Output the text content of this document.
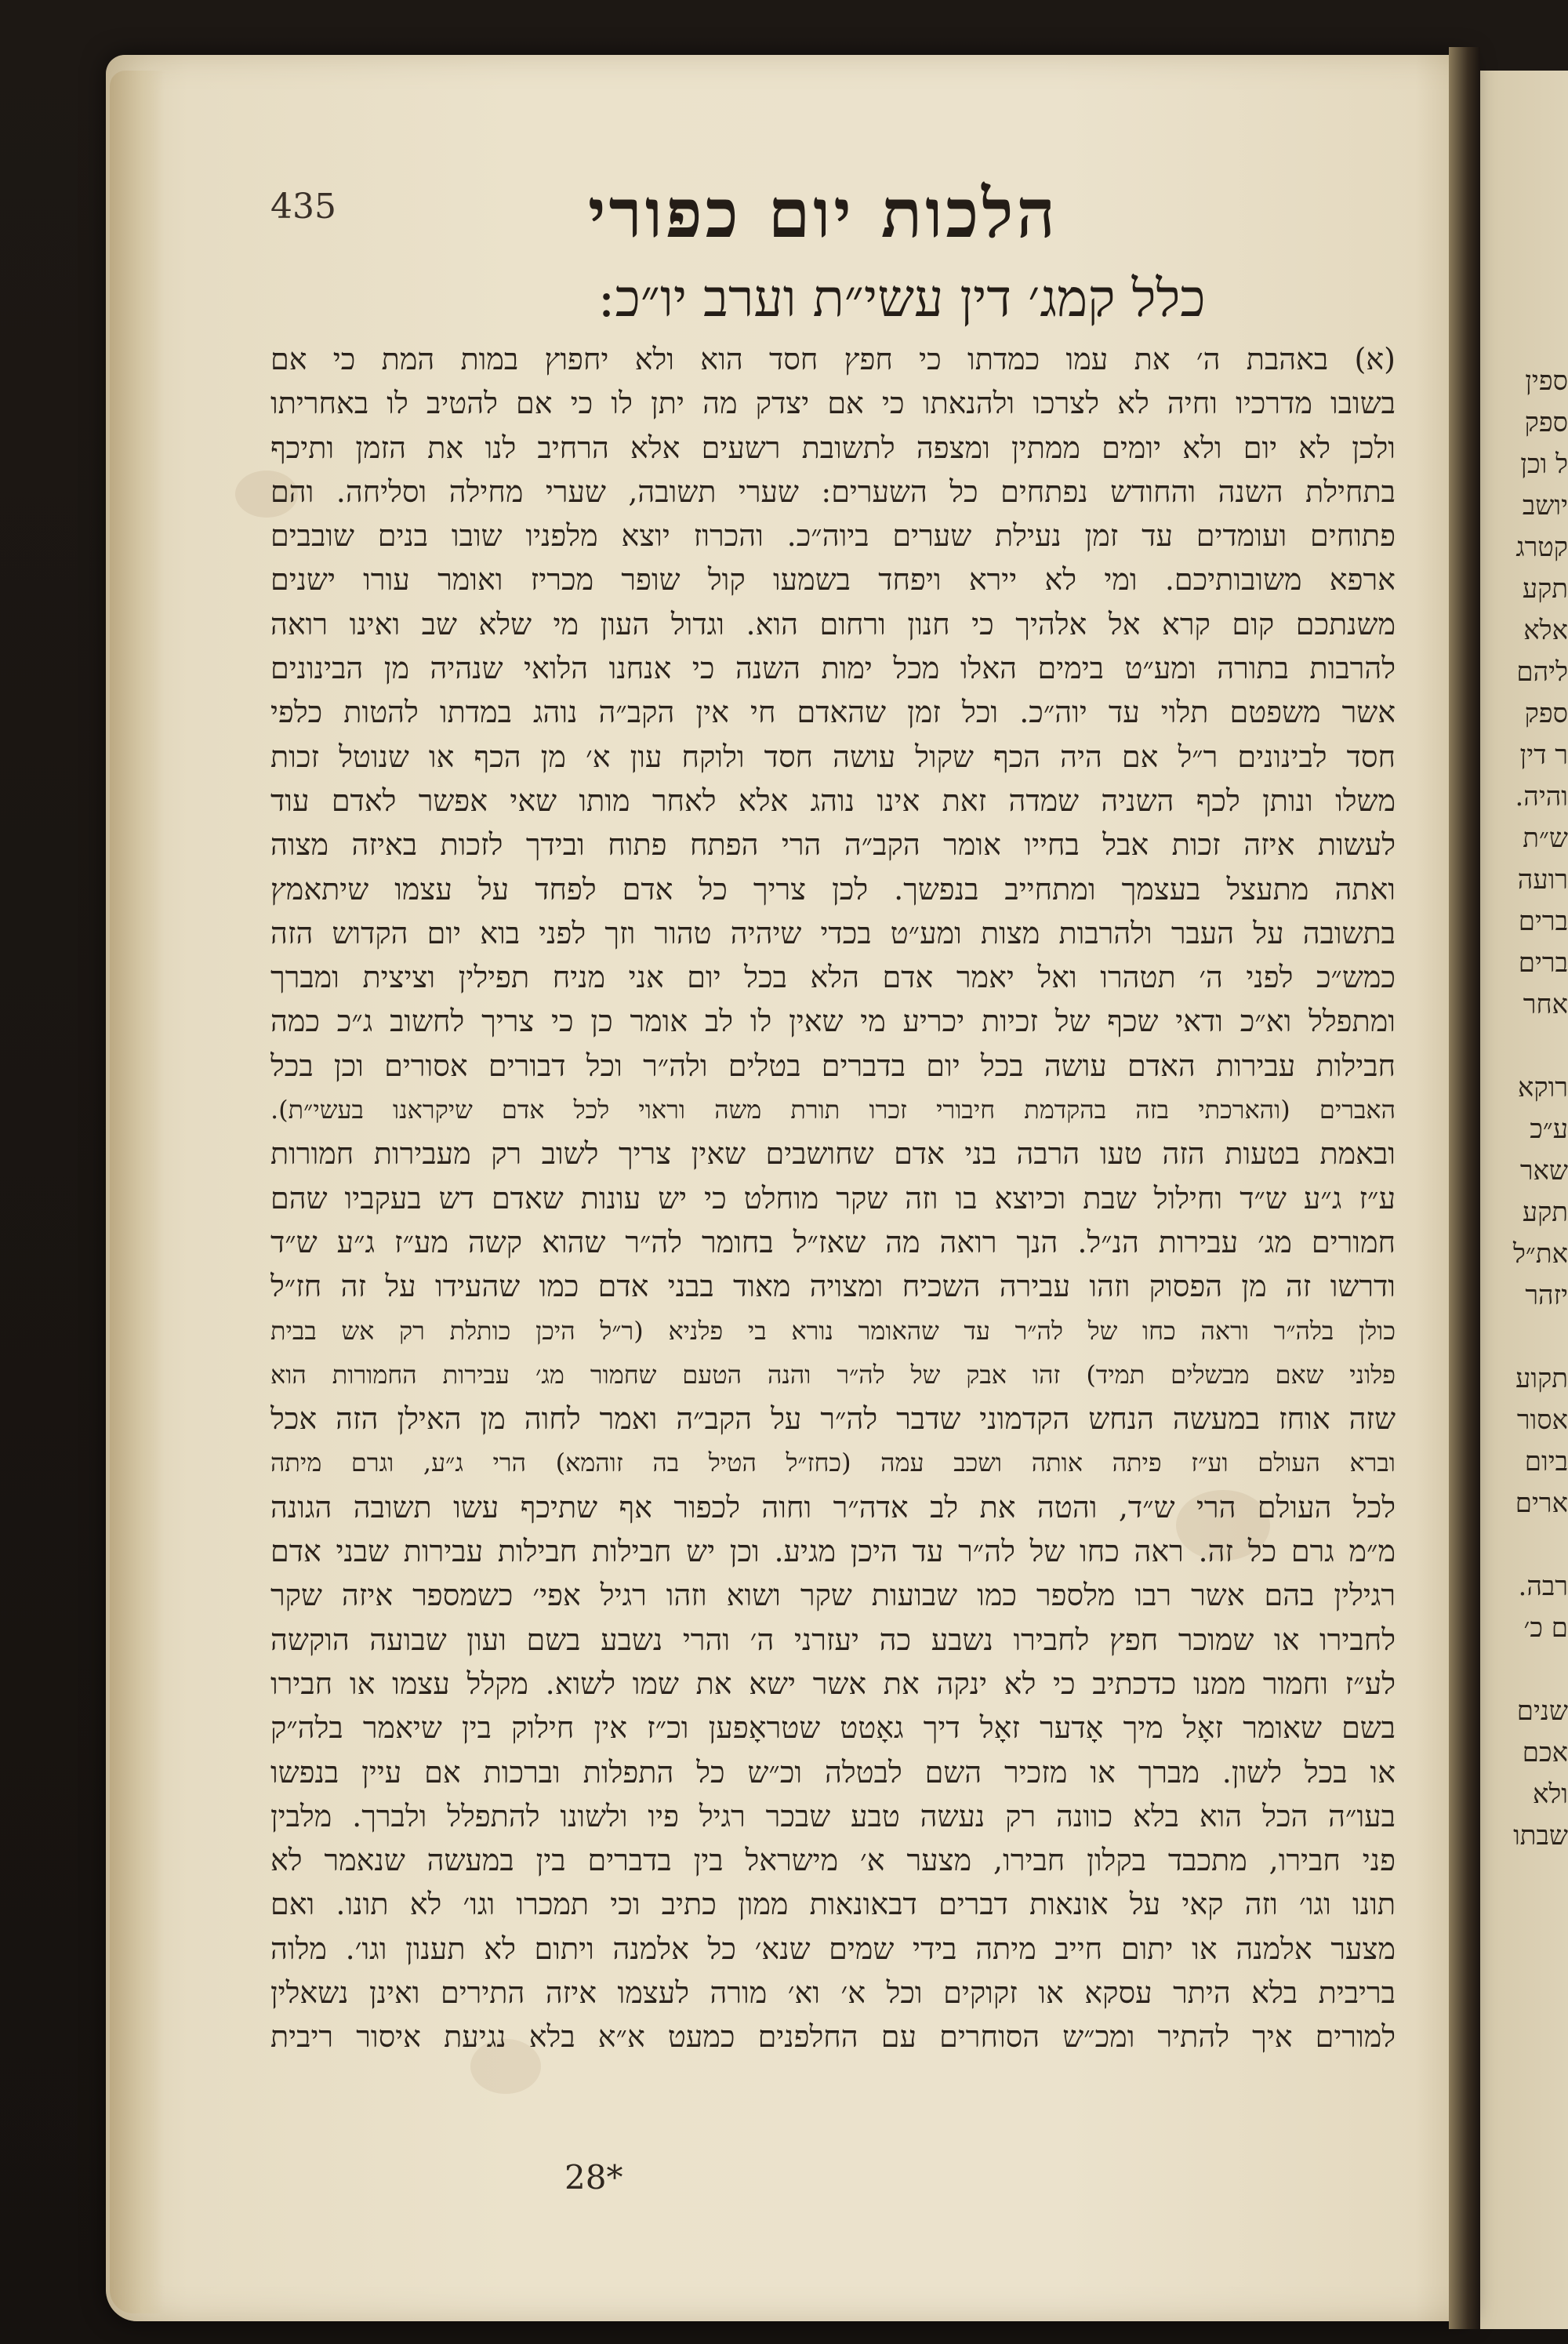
ספין
ספק
ל וכן
יושב
קטרג
תקע
אלא
ליהם
ספק
ר דין
והיה.
ש״ת
רועה
ברים
ברים
אחר
רוקא
ע״כ
שאר
תקע
את״ל
יזהר
תקוע
אסור
ביום
ארים
רבה.
ם כ׳
שנים
אכם
ולא
שבתו
435	הלכות יום כפורי
כלל קמג׳ דין עשי״ת וערב יו״כ:
(א) באהבת ה׳ את עמו כמדתו כי חפץ חסד הוא ולא יחפוץ במות המת כי אם
בשובו מדרכיו וחיה לא לצרכו ולהנאתו כי אם יצדק מה יתן לו כי אם להטיב לו באחריתו
ולכן לא יום ולא יומים ממתין ומצפה לתשובת רשעים אלא הרחיב לנו את הזמן ותיכף
בתחילת השנה והחודש נפתחים כל השערים: שערי תשובה, שערי מחילה וסליחה. והם
פתוחים ועומדים עד זמן נעילת שערים ביוה״כ. והכרוז יוצא מלפניו שובו בנים שובבים
ארפא משובותיכם. ומי לא יירא ויפחד בשמעו קול שופר מכריז ואומר עורו ישנים
משנתכם קום קרא אל אלהיך כי חנון ורחום הוא. וגדול העון מי שלא שב ואינו רואה
להרבות בתורה ומע״ט בימים האלו מכל ימות השנה כי אנחנו הלואי שנהיה מן הבינונים
אשר משפטם תלוי עד יוה״כ. וכל זמן שהאדם חי אין הקב״ה נוהג במדתו להטות כלפי
חסד לבינונים ר״ל אם היה הכף שקול עושה חסד ולוקח עון א׳ מן הכף או שנוטל זכות
משלו ונותן לכף השניה שמדה זאת אינו נוהג אלא לאחר מותו שאי אפשר לאדם עוד
לעשות איזה זכות אבל בחייו אומר הקב״ה הרי הפתח פתוח ובידך לזכות באיזה מצוה
ואתה מתעצל בעצמך ומתחייב בנפשך. לכן צריך כל אדם לפחד על עצמו שיתאמץ
בתשובה על העבר ולהרבות מצות ומע״ט בכדי שיהיה טהור וזך לפני בוא יום הקדוש הזה
כמש״כ לפני ה׳ תטהרו ואל יאמר אדם הלא בכל יום אני מניח תפילין וציצית ומברך
ומתפלל וא״כ ודאי שכף של זכיות יכריע מי שאין לו לב אומר כן כי צריך לחשוב ג״כ כמה
חבילות עבירות האדם עושה בכל יום בדברים בטלים ולה״ר וכל דבורים אסורים וכן בכל
האברים (והארכתי בזה בהקדמת חיבורי זכרו תורת משה וראוי לכל אדם שיקראנו בעשי״ת).
ובאמת בטעות הזה טעו הרבה בני אדם שחושבים שאין צריך לשוב רק מעבירות חמורות
ע״ז ג״ע ש״ד וחילול שבת וכיוצא בו וזה שקר מוחלט כי יש עונות שאדם דש בעקביו שהם
חמורים מג׳ עבירות הנ״ל. הנך רואה מה שאז״ל בחומר לה״ר שהוא קשה מע״ז ג״ע ש״ד
ודרשו זה מן הפסוק וזהו עבירה השכיח ומצויה מאוד בבני אדם כמו שהעידו על זה חז״ל
כולן בלה״ר וראה כחו של לה״ר עד שהאומר נורא בי פלניא (ר״ל היכן כותלת רק אש בבית
פלוני שאם מבשלים תמיד) זהו אבק של לה״ר והנה הטעם שחמור מג׳ עבירות החמורות הוא
שזה אוחז במעשה הנחש הקדמוני שדבר לה״ר על הקב״ה ואמר לחוה מן האילן הזה אכל
וברא העולם וע״ז פיתה אותה ושכב עמה (כחז״ל הטיל בה זוהמא) הרי ג״ע, וגרם מיתה
לכל העולם הרי ש״ד, והטה את לב אדה״ר וחוה לכפור אף שתיכף עשו תשובה הגונה
מ״מ גרם כל זה. ראה כחו של לה״ר עד היכן מגיע. וכן יש חבילות חבילות עבירות שבני אדם
רגילין בהם אשר רבו מלספר כמו שבועות שקר ושוא וזהו רגיל אפי׳ כשמספר איזה שקר
לחבירו או שמוכר חפץ לחבירו נשבע כה יעזרני ה׳ והרי נשבע בשם ועון שבועה הוקשה
לע״ז וחמור ממנו כדכתיב כי לא ינקה את אשר ישא את שמו לשוא. מקלל עצמו או חבירו
בשם שאומר זאָל מיך אָדער זאָל דיך גאָטט שטראָפען וכ״ז אין חילוק בין שיאמר בלה״ק
או בכל לשון. מברך או מזכיר השם לבטלה וכ״ש כל התפלות וברכות אם עיין בנפשו
בעו״ה הכל הוא בלא כוונה רק נעשה טבע שבכר רגיל פיו ולשונו להתפלל ולברך. מלבין
פני חבירו, מתכבד בקלון חבירו, מצער א׳ מישראל בין בדברים בין במעשה שנאמר לא
תונו וגו׳ וזה קאי על אונאות דברים דבאונאות ממון כתיב וכי תמכרו וגו׳ לא תונו. ואם
מצער אלמנה או יתום חייב מיתה בידי שמים שנא׳ כל אלמנה ויתום לא תענון וגו׳. מלוה
בריבית בלא היתר עסקא או זקוקים וכל א׳ וא׳ מורה לעצמו איזה התירים ואינן נשאלין
למורים איך להתיר ומכ״ש הסוחרים עם החלפנים כמעט א״א בלא נגיעת איסור ריבית
28*
